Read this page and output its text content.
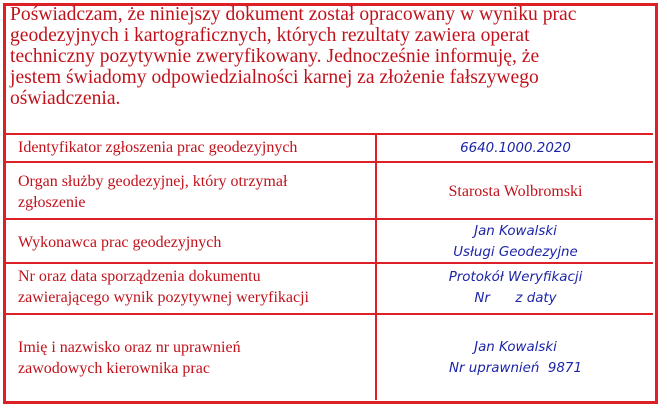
Poświadczam, że niniejszy dokument został opracowany w wyniku prac
geodezyjnych i kartograficznych, których rezultaty zawiera operat
techniczny pozytywnie zweryfikowany. Jednocześnie informuję, że
jestem świadomy odpowiedzialności karnej za złożenie fałszywego
oświadczenia.
Identyfikator zgłoszenia prac geodezyjnych	6640.1000.2020
Organ służby geodezyjnej, który otrzymał
zgłoszenie
Starosta Wolbromski
Wykonawca prac geodezyjnych
Jan Kowalski
Usługi Geodezyjne
Nr oraz data sporządzenia dokumentu
zawierającego wynik pozytywnej weryfikacji
Protokół Weryfikacji
Nr      z daty
Imię i nazwisko oraz nr uprawnień
zawodowych kierownika prac
Jan Kowalski
Nr uprawnień  9871
